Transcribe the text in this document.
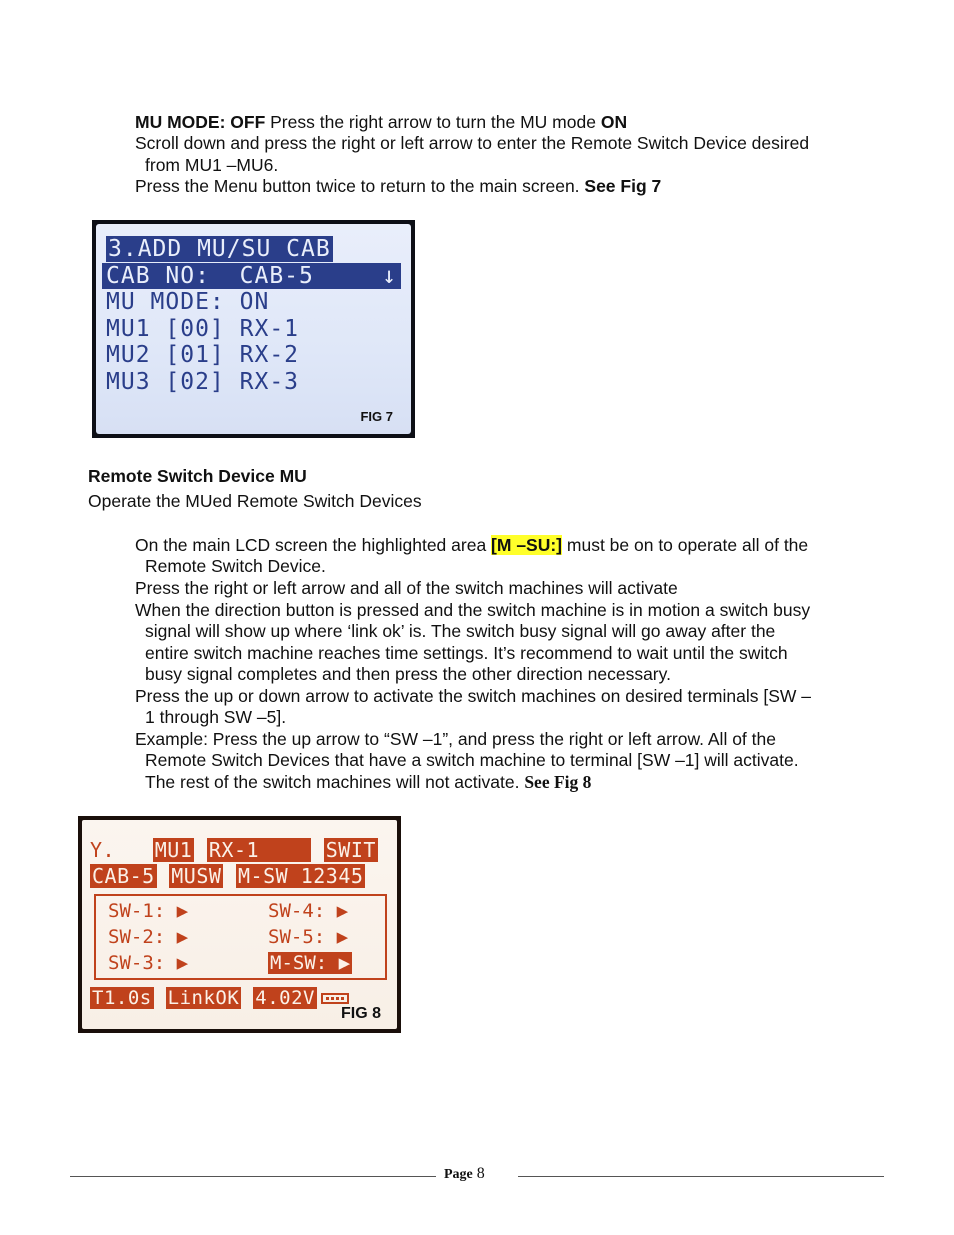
MU MODE: OFF Press the right arrow to turn the MU mode ON
Scroll down and press the right or left arrow to enter the Remote Switch Device desired
from MU1 –MU6.
Press the Menu button twice to return to the main screen. See Fig 7
3.ADD MU/SU CAB
CAB NO:  CAB-5	↓
MU MODE: ON
MU1 [00] RX-1
MU2 [01] RX-2
MU3 [02] RX-3
FIG 7
Remote Switch Device MU
Operate the MUed Remote Switch Devices
On the main LCD screen the highlighted area [M –SU:] must be on to operate all of the
Remote Switch Device.
Press the right or left arrow and all of the switch machines will activate
When the direction button is pressed and the switch machine is in motion a switch busy
signal will show up where ‘link ok’ is. The switch busy signal will go away after the
entire switch machine reaches time settings. It’s recommend to wait until the switch
busy signal completes and then press the other direction necessary.
Press the up or down arrow to activate the switch machines on desired terminals [SW –
1 through SW –5].
Example: Press the up arrow to “SW –1”, and press the right or left arrow. All of the
Remote Switch Devices that have a switch machine to terminal [SW –1] will activate.
The rest of the switch machines will not activate. See Fig 8
Y. MU1 RX-1     SWIT
CAB-5 MUSW M-SW 12345
SW-1: ▶
SW-2: ▶
SW-3: ▶
SW-4: ▶
SW-5: ▶
M-SW: ▶
T1.0s LinkOK 4.02V
FIG 8
Page 8
